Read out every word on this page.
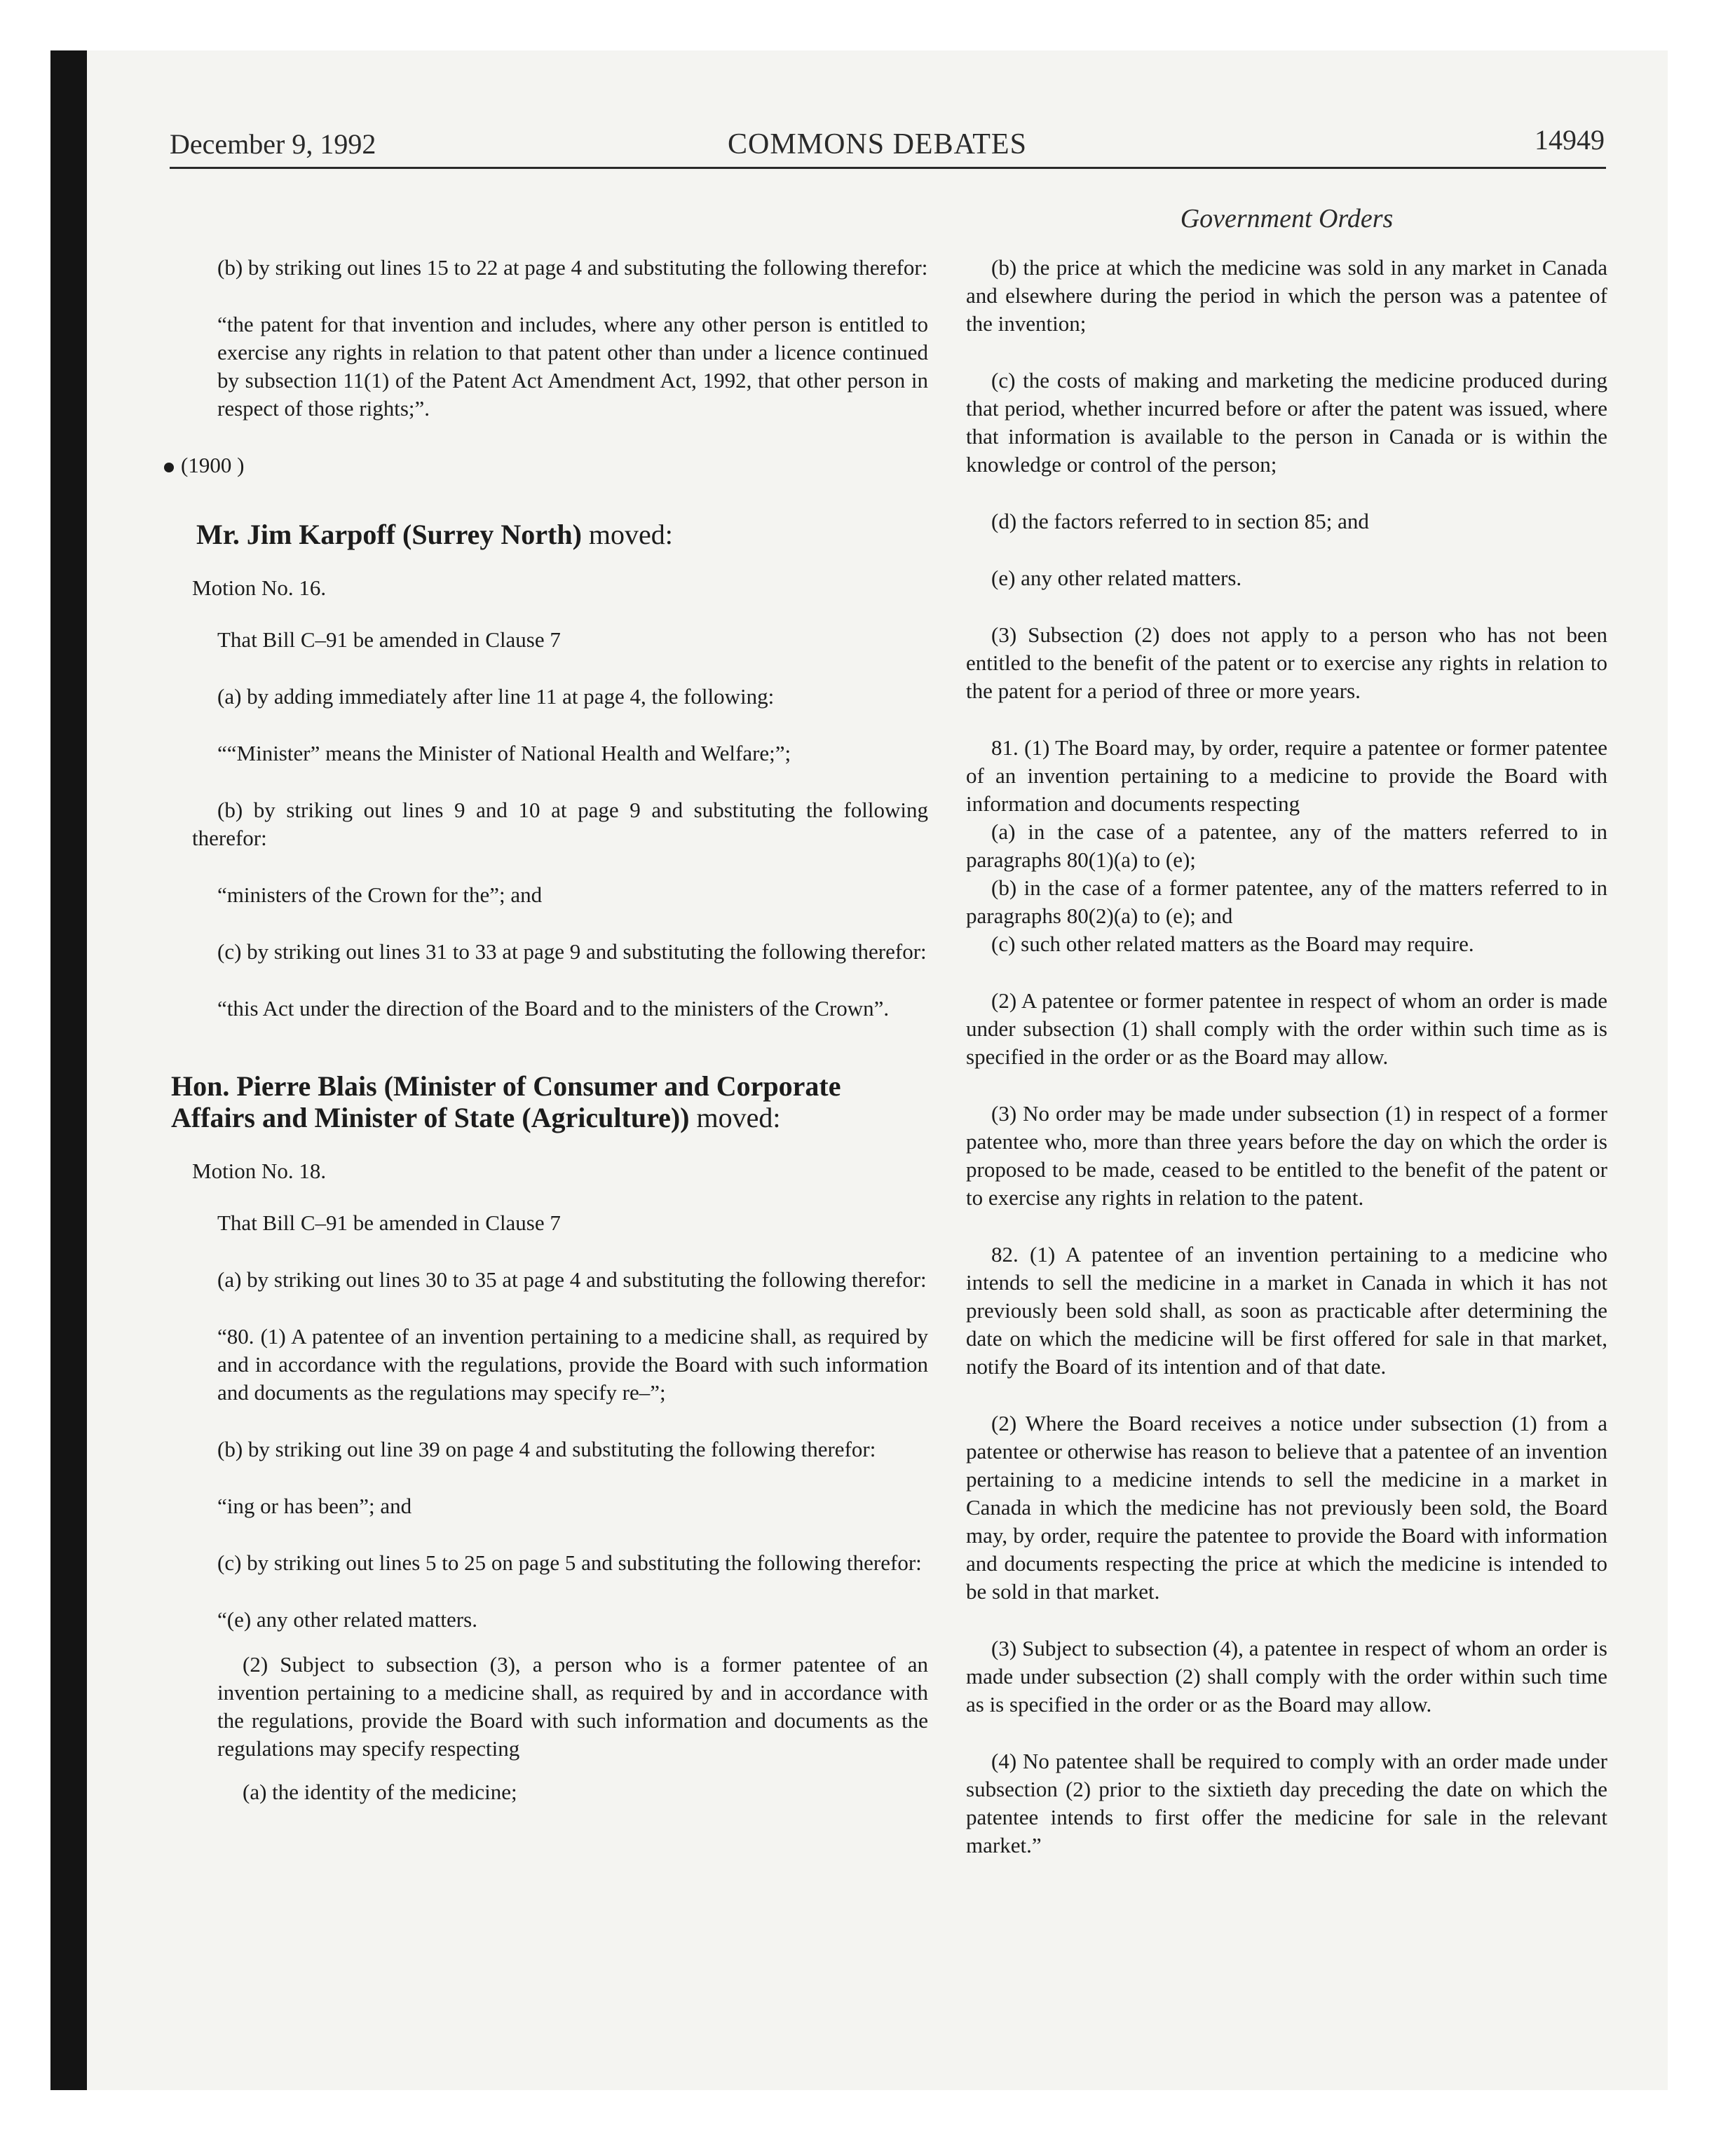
December 9, 1992	COMMONS DEBATES	14949
Government Orders

(b) by striking out lines 15 to 22 at page 4 and substituting the following therefor:

“the patent for that invention and includes, where any other person is entitled to exercise any rights in relation to that patent other than under a licence continued by subsection 11(1) of the Patent Act Amendment Act, 1992, that other person in respect of those rights;”.

(1900 )

Mr. Jim Karpoff (Surrey North) moved:

Motion No. 16.

That Bill C–91 be amended in Clause 7

(a) by adding immediately after line 11 at page 4, the following:

““Minister” means the Minister of National Health and Welfare;”;

(b) by striking out lines 9 and 10 at page 9 and substituting the following therefor:

“ministers of the Crown for the”; and

(c) by striking out lines 31 to 33 at page 9 and substituting the following therefor:

“this Act under the direction of the Board and to the ministers of the Crown”.

Hon. Pierre Blais (Minister of Consumer and Corporate Affairs and Minister of State (Agriculture)) moved:

Motion No. 18.

That Bill C–91 be amended in Clause 7

(a) by striking out lines 30 to 35 at page 4 and substituting the following therefor:

“80. (1) A patentee of an invention pertaining to a medicine shall, as required by and in accordance with the regulations, provide the Board with such information and documents as the regulations may specify re–”;

(b) by striking out line 39 on page 4 and substituting the following therefor:

“ing or has been”; and

(c) by striking out lines 5 to 25 on page 5 and substituting the following therefor:

“(e) any other related matters.

(2) Subject to subsection (3), a person who is a former patentee of an invention pertaining to a medicine shall, as required by and in accordance with the regulations, provide the Board with such information and documents as the regulations may specify respecting

(a) the identity of the medicine;

(b) the price at which the medicine was sold in any market in Canada and elsewhere during the period in which the person was a patentee of the invention;

(c) the costs of making and marketing the medicine produced during that period, whether incurred before or after the patent was issued, where that information is available to the person in Canada or is within the knowledge or control of the person;

(d) the factors referred to in section 85; and

(e) any other related matters.

(3) Subsection (2) does not apply to a person who has not been entitled to the benefit of the patent or to exercise any rights in relation to the patent for a period of three or more years.

81. (1) The Board may, by order, require a patentee or former patentee of an invention pertaining to a medicine to provide the Board with information and documents respecting

(a) in the case of a patentee, any of the matters referred to in paragraphs 80(1)(a) to (e);

(b) in the case of a former patentee, any of the matters referred to in paragraphs 80(2)(a) to (e); and

(c) such other related matters as the Board may require.

(2) A patentee or former patentee in respect of whom an order is made under subsection (1) shall comply with the order within such time as is specified in the order or as the Board may allow.

(3) No order may be made under subsection (1) in respect of a former patentee who, more than three years before the day on which the order is proposed to be made, ceased to be entitled to the benefit of the patent or to exercise any rights in relation to the patent.

82. (1) A patentee of an invention pertaining to a medicine who intends to sell the medicine in a market in Canada in which it has not previously been sold shall, as soon as practicable after determining the date on which the medicine will be first offered for sale in that market, notify the Board of its intention and of that date.

(2) Where the Board receives a notice under subsection (1) from a patentee or otherwise has reason to believe that a patentee of an invention pertaining to a medicine intends to sell the medicine in a market in Canada in which the medicine has not previously been sold, the Board may, by order, require the patentee to provide the Board with information and documents respecting the price at which the medicine is intended to be sold in that market.

(3) Subject to subsection (4), a patentee in respect of whom an order is made under subsection (2) shall comply with the order within such time as is specified in the order or as the Board may allow.

(4) No patentee shall be required to comply with an order made under subsection (2) prior to the sixtieth day preceding the date on which the patentee intends to first offer the medicine for sale in the relevant market.”
